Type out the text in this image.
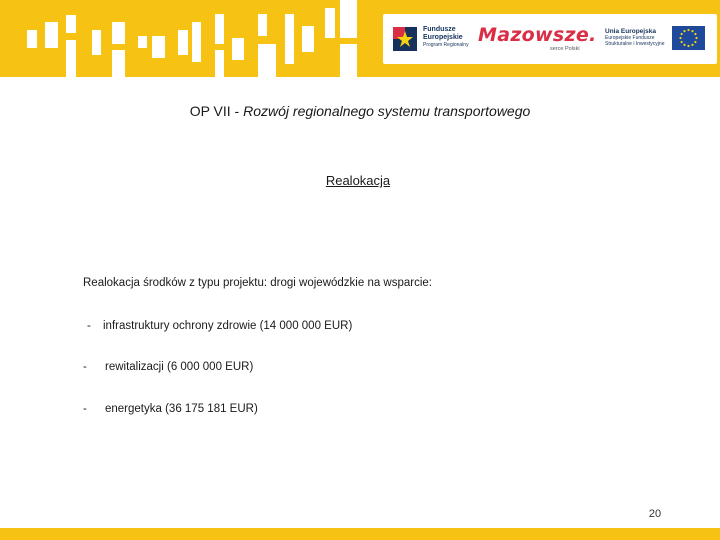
Fundusze
Europejskie
Program Regionalny Mazowsze.
serce Polski
Unia Europejska
Europejskie Fundusze
Strukturalne i Inwestycyjne
OP VII - Rozwój regionalnego systemu transportowego
Realokacja
Realokacja środków z typu projektu: drogi wojewódzkie na wsparcie:
- infrastruktury ochrony zdrowie (14 000 000 EUR)
- rewitalizacji (6 000 000 EUR)
- energetyka (36 175 181 EUR)
20
